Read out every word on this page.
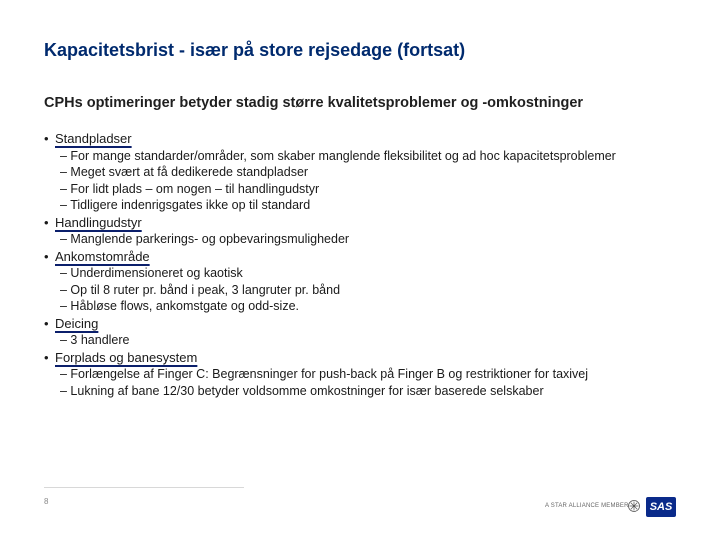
Kapacitetsbrist - især på store rejsedage (fortsat)
CPHs optimeringer betyder stadig større kvalitetsproblemer og -omkostninger

• Standpladser

– For mange standarder/områder, som skaber manglende fleksibilitet og ad hoc kapacitetsproblemer

– Meget svært at få dedikerede standpladser

– For lidt plads – om nogen – til handlingudstyr

– Tidligere indenrigsgates ikke op til standard

• Handlingudstyr

– Manglende parkerings- og opbevaringsmuligheder

• Ankomstområde

– Underdimensioneret og kaotisk

– Op til 8 ruter pr. bånd i peak, 3 langruter pr. bånd

– Håbløse flows, ankomstgate og odd-size.

• Deicing

– 3 handlere

• Forplads og banesystem

– Forlængelse af Finger C: Begrænsninger for push-back på Finger B og restriktioner for taxivej

– Lukning af bane 12/30 betyder voldsomme omkostninger for især baserede selskaber

8	A STAR ALLIANCE MEMBER	SAS
